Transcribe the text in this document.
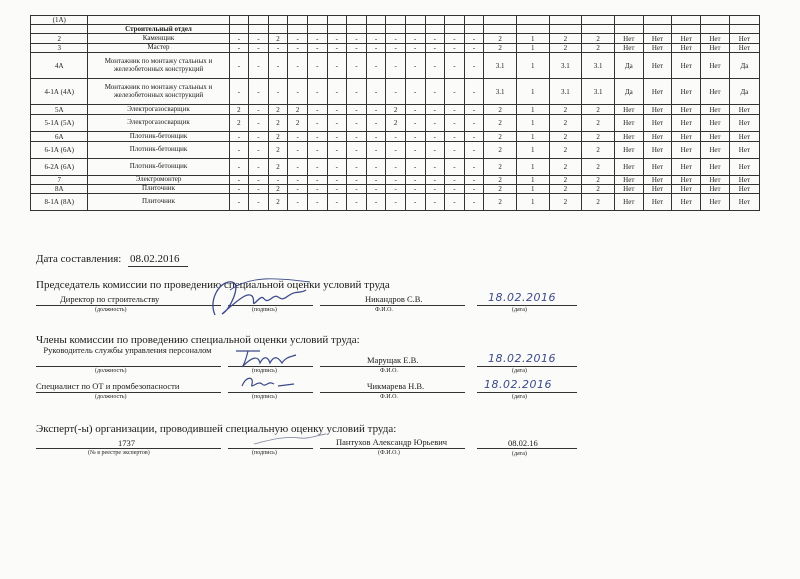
(1А)																							
	Строительный отдел																						
2	Каменщик	-	-	2	-	-	-	-	-	-	-	-	-	-	2	1	2	2	Нет	Нет	Нет	Нет	Нет
3	Мастер	-	-	-	-	-	-	-	-	-	-	-	-	-	2	1	2	2	Нет	Нет	Нет	Нет	Нет
4А	Монтажник по монтажу стальных и железобетонных конструкций	-	-	-	-	-	-	-	-	-	-	-	-	-	3.1	1	3.1	3.1	Да	Нет	Нет	Нет	Да
4-1А (4А)	Монтажник по монтажу стальных и железобетонных конструкций	-	-	-	-	-	-	-	-	-	-	-	-	-	3.1	1	3.1	3.1	Да	Нет	Нет	Нет	Да
5А	Электрогазосварщик	2	-	2	2	-	-	-	-	2	-	-	-	-	2	1	2	2	Нет	Нет	Нет	Нет	Нет
5-1А (5А)	Электрогазосварщик	2	-	2	2	-	-	-	-	2	-	-	-	-	2	1	2	2	Нет	Нет	Нет	Нет	Нет
6А	Плотник-бетонщик	-	-	2	-	-	-	-	-	-	-	-	-	-	2	1	2	2	Нет	Нет	Нет	Нет	Нет
6-1А (6А)	Плотник-бетонщик	-	-	2	-	-	-	-	-	-	-	-	-	-	2	1	2	2	Нет	Нет	Нет	Нет	Нет
6-2А (6А)	Плотник-бетонщик	-	-	2	-	-	-	-	-	-	-	-	-	-	2	1	2	2	Нет	Нет	Нет	Нет	Нет
7	Электромонтер	-	-	-	-	-	-	-	-	-	-	-	-	-	2	1	2	2	Нет	Нет	Нет	Нет	Нет
8А	Плиточник	-	-	2	-	-	-	-	-	-	-	-	-	-	2	1	2	2	Нет	Нет	Нет	Нет	Нет
8-1А (8А)	Плиточник	-	-	2	-	-	-	-	-	-	-	-	-	-	2	1	2	2	Нет	Нет	Нет	Нет	Нет
Дата составления: 08.02.2016
Председатель комиссии по проведению специальной оценки условий труда
Директор по строительству
(должность)	(подпись)
Никандров С.В.
Ф.И.О.
18.02.2016
(дата)
Члены комиссии по проведению специальной оценки условий труда:
Руководитель службы управления персоналом
(должность)	(подпись)
Марущак Е.В.
Ф.И.О.
18.02.2016
(дата)
Специалист по ОТ и промбезопасности
(должность)	(подпись)
Чикмарева Н.В.
Ф.И.О.
18.02.2016
(дата)
Эксперт(-ы) организации, проводившей специальную оценку условий труда:
1737
(№ в реестре экспертов)	(подпись)
Пантухов Александр Юрьевич
(Ф.И.О.)
08.02.16
(дата)
